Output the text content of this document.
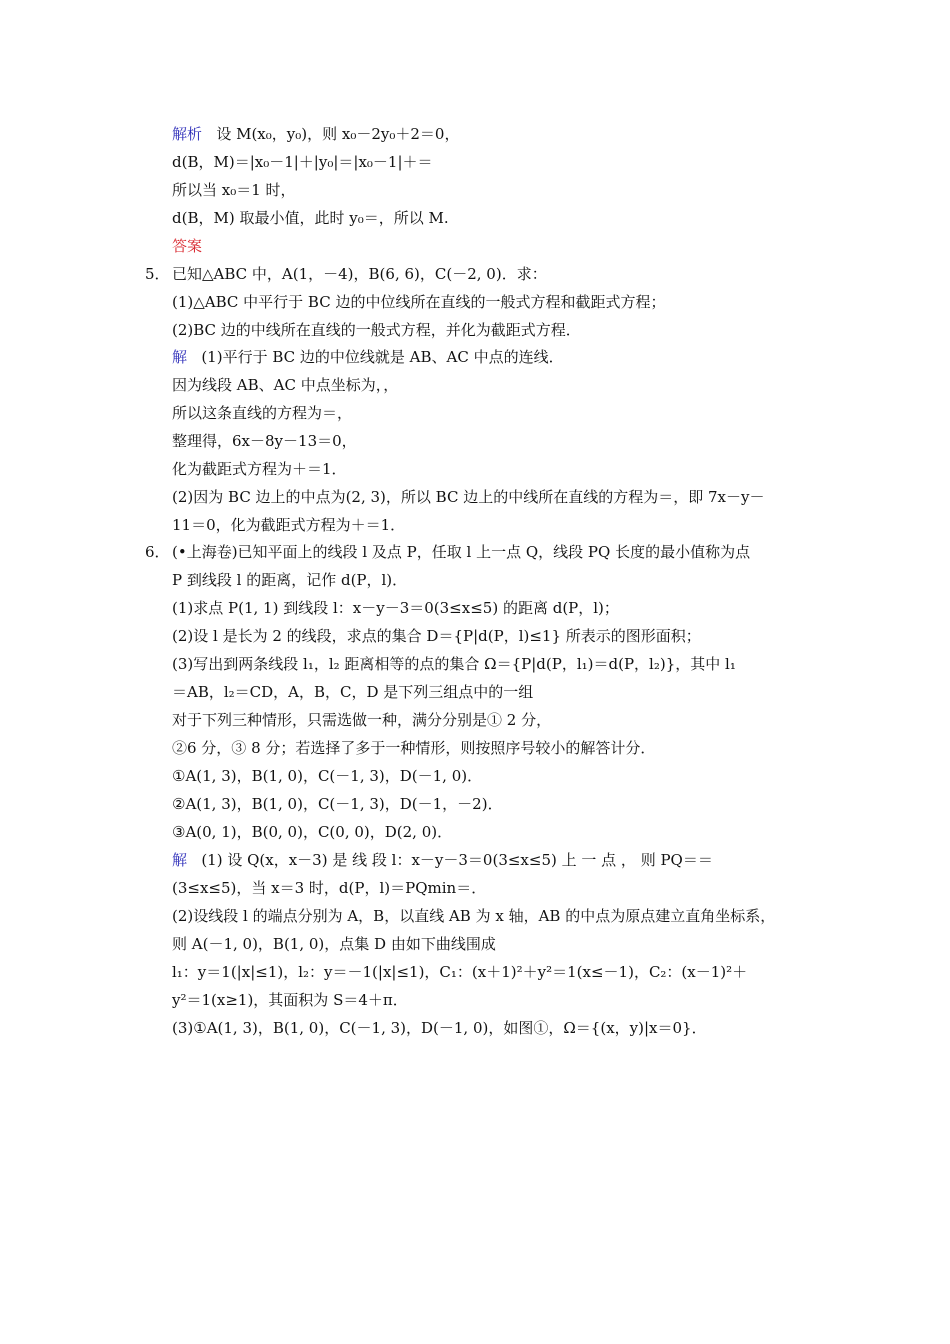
解析 设 M(x₀，y₀)，则 x₀－2y₀＋2＝0，
d(B，M)＝|x₀－1|＋|y₀|＝|x₀－1|＋＝
所以当 x₀＝1 时，
d(B，M) 取最小值，此时 y₀＝，所以 M.
答案
5． 已知△ABC 中，A(1，－4)，B(6, 6)，C(－2, 0)．求：
(1)△ABC 中平行于 BC 边的中位线所在直线的一般式方程和截距式方程；
(2)BC 边的中线所在直线的一般式方程，并化为截距式方程．
解 (1)平行于 BC 边的中位线就是 AB、AC 中点的连线．
因为线段 AB、AC 中点坐标为，，
所以这条直线的方程为＝，
整理得，6x－8y－13＝0，
化为截距式方程为＋＝1．
(2)因为 BC 边上的中点为(2, 3)，所以 BC 边上的中线所在直线的方程为＝，即 7x－y－
11＝0，化为截距式方程为＋＝1．
6． (•上海卷)已知平面上的线段 l 及点 P，任取 l 上一点 Q，线段 PQ 长度的最小值称为点
P 到线段 l 的距离，记作 d(P，l)．
(1)求点 P(1, 1) 到线段 l：x－y－3＝0(3≤x≤5) 的距离 d(P，l)；
(2)设 l 是长为 2 的线段，求点的集合 D＝{P|d(P，l)≤1} 所表示的图形面积；
(3)写出到两条线段 l₁，l₂ 距离相等的点的集合 Ω＝{P|d(P，l₁)＝d(P，l₂)}，其中 l₁
＝AB，l₂＝CD，A，B，C，D 是下列三组点中的一组
对于下列三种情形，只需选做一种，满分分别是① 2 分，
②6 分，③ 8 分；若选择了多于一种情形，则按照序号较小的解答计分．
①A(1, 3)，B(1, 0)，C(－1, 3)，D(－1, 0)．
②A(1, 3)，B(1, 0)，C(－1, 3)，D(－1，－2)．
③A(0, 1)，B(0, 0)，C(0, 0)，D(2, 0)．
解 (1) 设 Q(x，x－3) 是 线 段 l：x－y－3＝0(3≤x≤5) 上 一 点 ， 则 PQ＝＝
(3≤x≤5)，当 x＝3 时，d(P，l)＝PQmin＝．
(2)设线段 l 的端点分别为 A，B，以直线 AB 为 x 轴，AB 的中点为原点建立直角坐标系，
则 A(－1, 0)，B(1, 0)，点集 D 由如下曲线围成
l₁：y＝1(|x|≤1)，l₂：y＝－1(|x|≤1)，C₁：(x＋1)²＋y²＝1(x≤－1)，C₂：(x－1)²＋
y²＝1(x≥1)，其面积为 S＝4＋π．
(3)①A(1, 3)，B(1, 0)，C(－1, 3)，D(－1, 0)，如图①，Ω＝{(x，y)|x＝0}．
